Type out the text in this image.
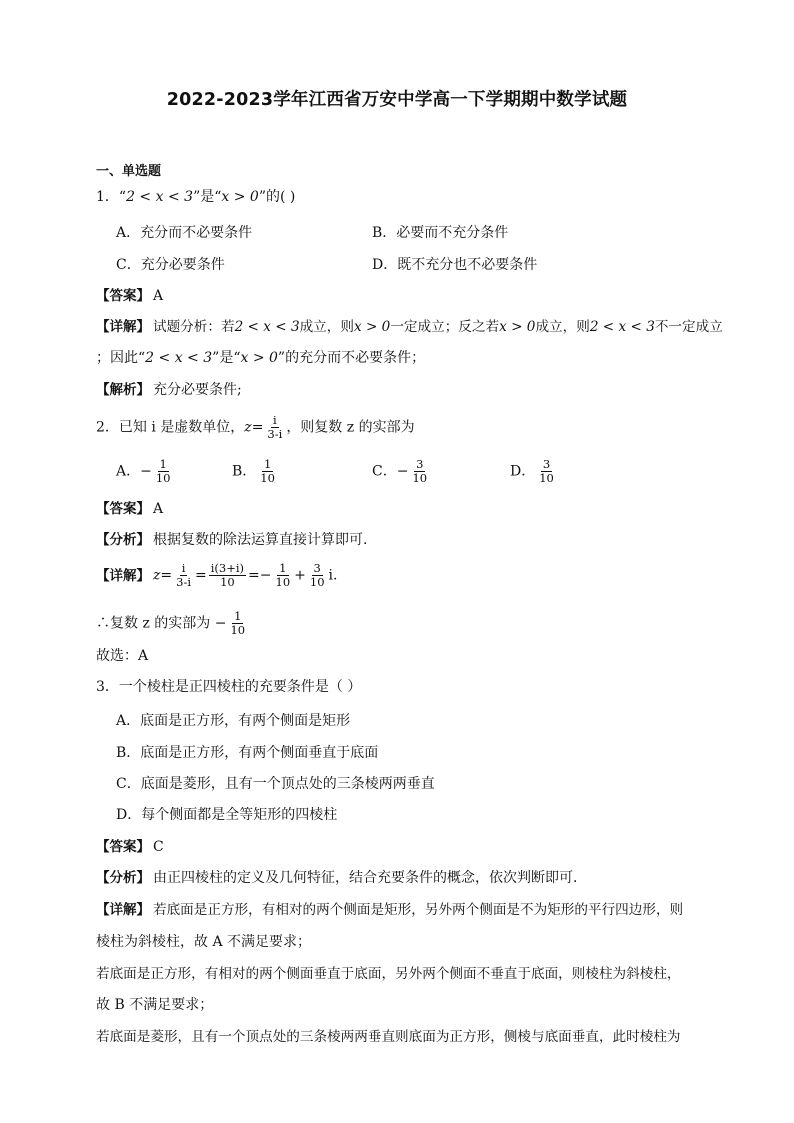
2022-2023学年江西省万安中学高一下学期期中数学试题
一、单选题
1．“2 < x < 3”是“x > 0”的( )
A．充分而不必要条件	B．必要而不充分条件
C．充分必要条件	D．既不充分也不必要条件
【答案】 A
【详解】 试题分析：若2 < x < 3成立，则x > 0一定成立；反之若x > 0成立，则2 < x < 3不一定成立
；因此“2 < x < 3”是“x > 0”的充分而不必要条件；
【解析】 充分必要条件;
2．已知 i 是虚数单位，$z= \frac{i}{3-i}$ ，则复数 z 的实部为
A．− $\frac{1}{10}$	B． $\frac{1}{10}$	C．− $\frac{3}{10}$	D． $\frac{3}{10}$
【答案】 A
【分析】 根据复数的除法运算直接计算即可.
【详解】 $z= \frac{i}{3-i} = \frac{i(3+i)}{10} =- \frac{1}{10} + \frac{3}{10} i$.
∴复数 z 的实部为 − $\frac{1}{10}$
故选：A
3．一个棱柱是正四棱柱的充要条件是（ ）
A．底面是正方形，有两个侧面是矩形
B．底面是正方形，有两个侧面垂直于底面
C．底面是菱形，且有一个顶点处的三条棱两两垂直
D．每个侧面都是全等矩形的四棱柱
【答案】 C
【分析】 由正四棱柱的定义及几何特征，结合充要条件的概念，依次判断即可．
【详解】 若底面是正方形，有相对的两个侧面是矩形，另外两个侧面是不为矩形的平行四边形，则
棱柱为斜棱柱，故 A 不满足要求；
若底面是正方形，有相对的两个侧面垂直于底面，另外两个侧面不垂直于底面，则棱柱为斜棱柱，
故 B 不满足要求；
若底面是菱形，且有一个顶点处的三条棱两两垂直则底面为正方形，侧棱与底面垂直，此时棱柱为
